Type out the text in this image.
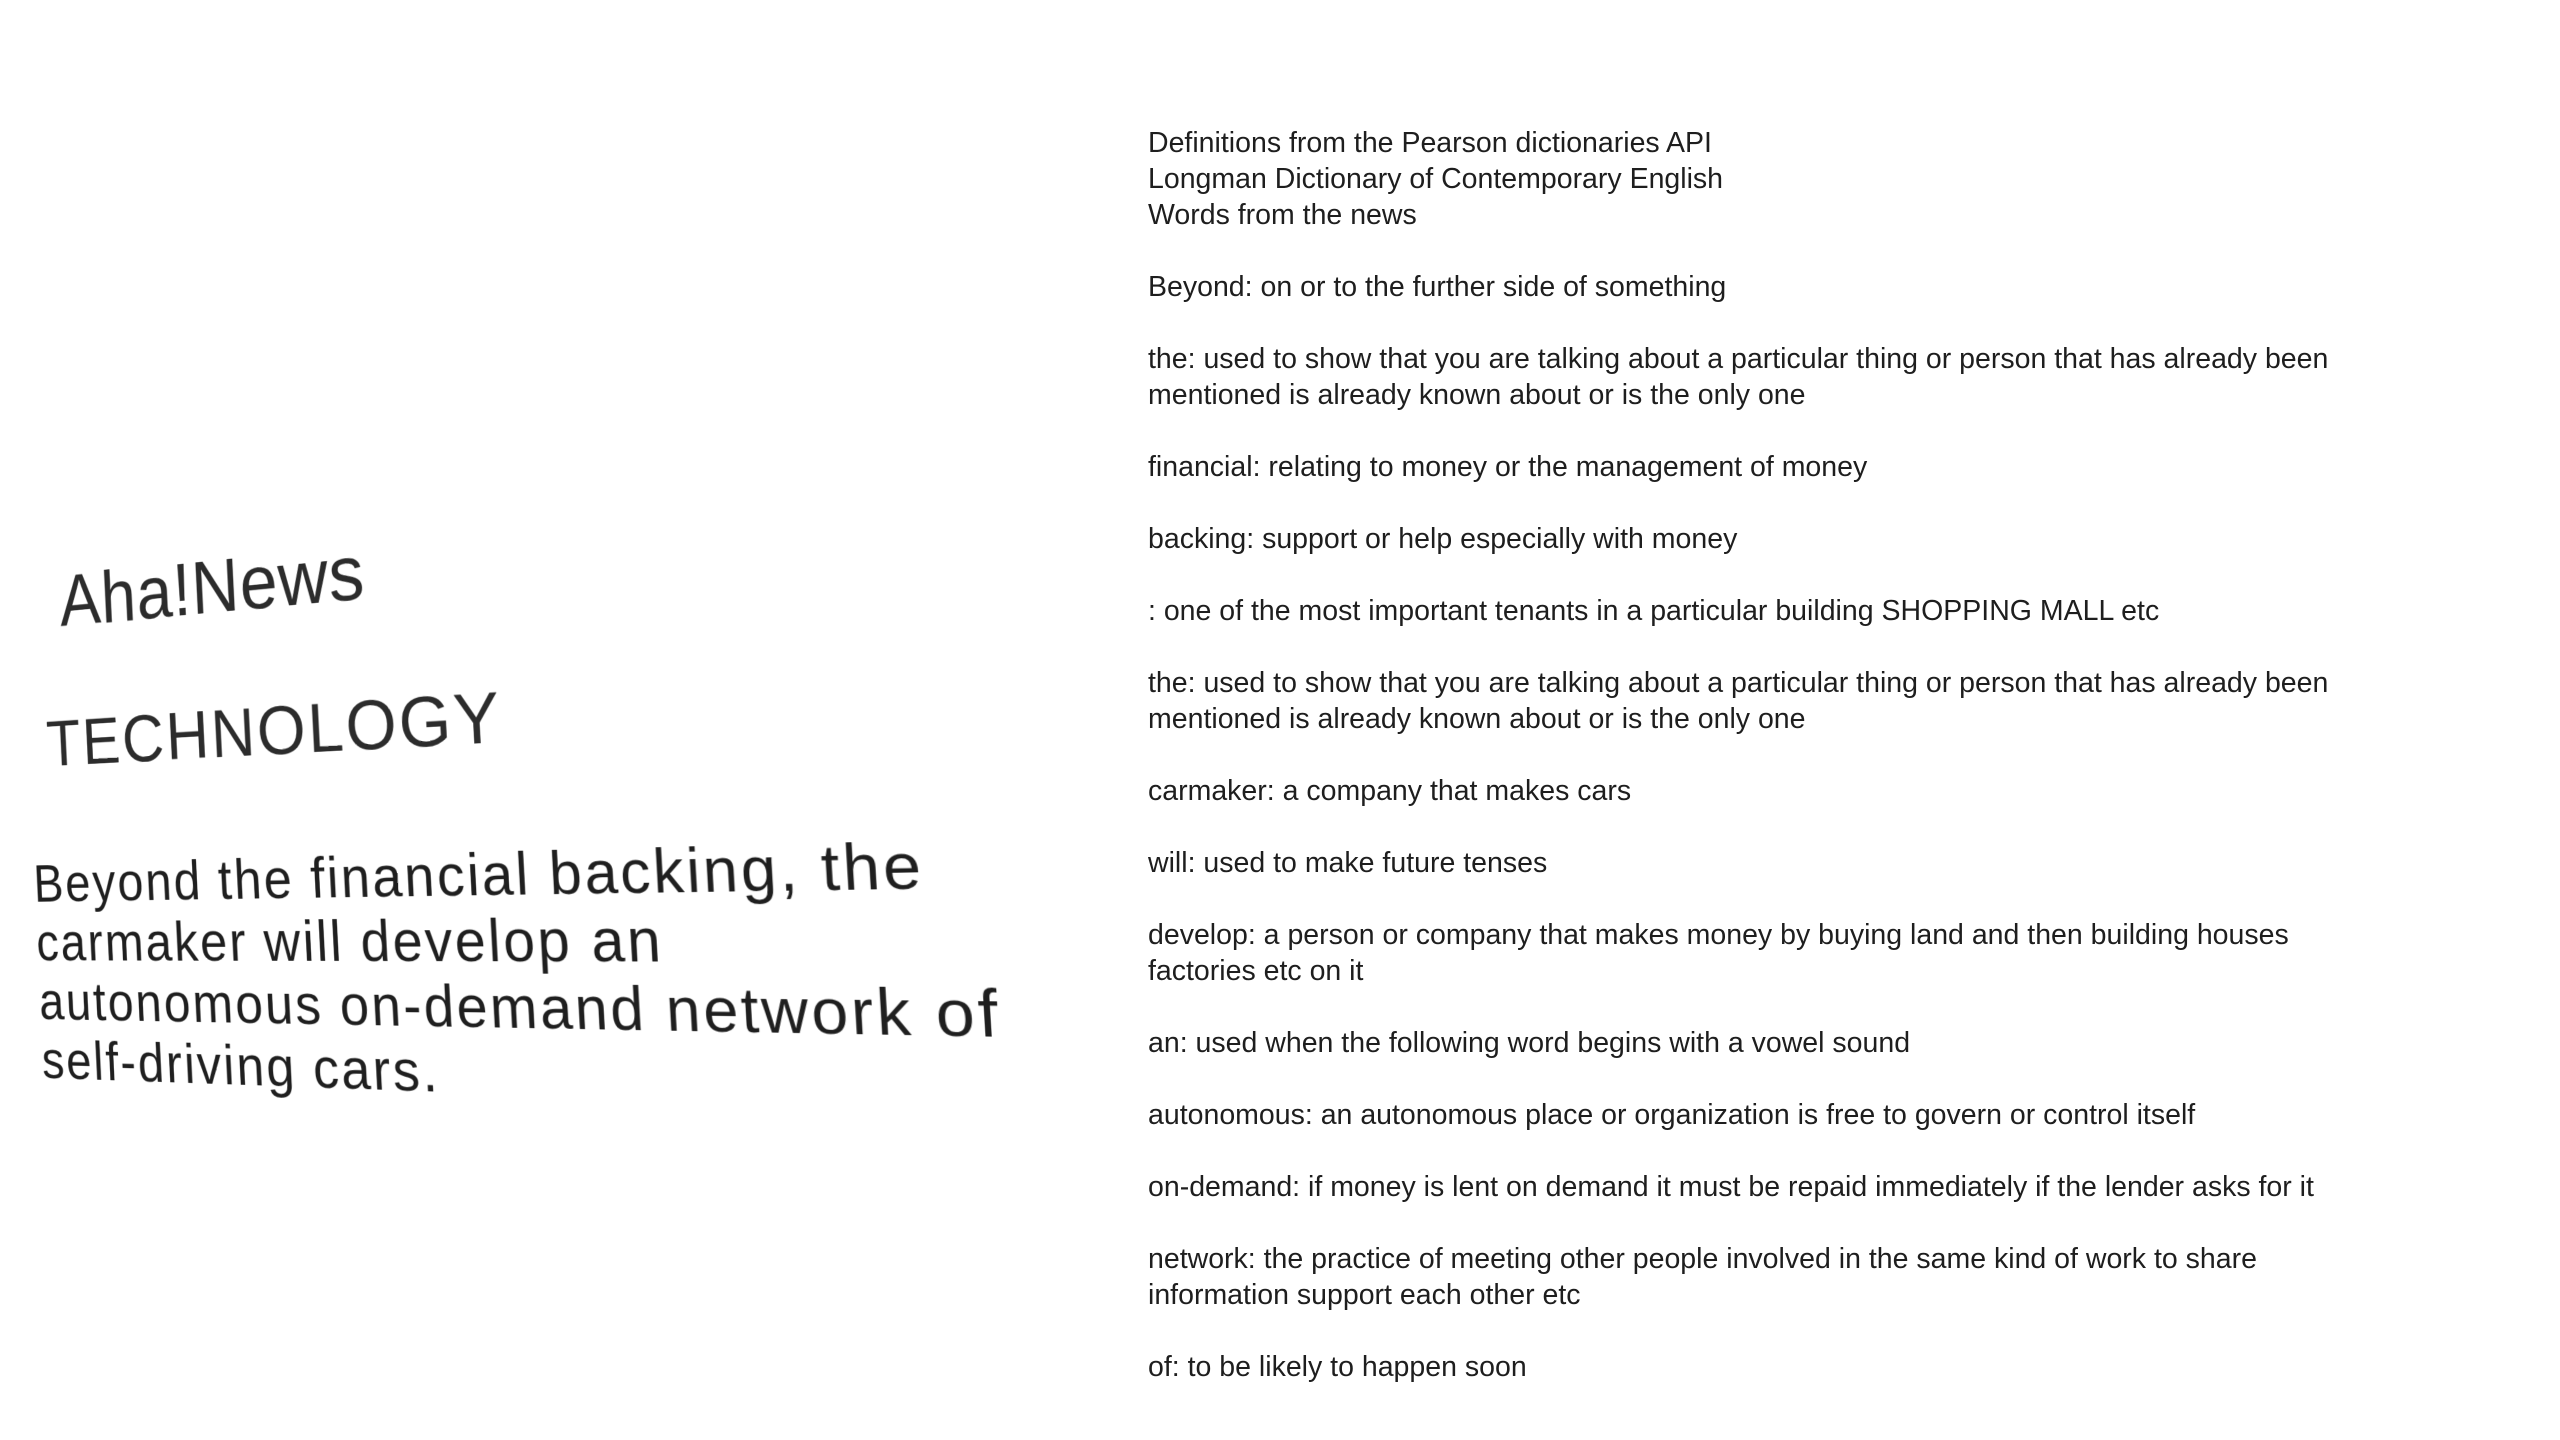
Aha!News
TECHNOLOGY
Beyond the financial backing, the carmaker will develop an
autonomous on-demand network of self-driving cars.
Definitions from the Pearson dictionaries API
Longman Dictionary of Contemporary English
Words from the news
Beyond: on or to the further side of something
the: used to show that you are talking about a particular thing or person that has already been mentioned is already known about or is the only one
financial: relating to money or the management of money
backing: support or help especially with money
: one of the most important tenants in a particular building SHOPPING MALL etc
the: used to show that you are talking about a particular thing or person that has already been mentioned is already known about or is the only one
carmaker: a company that makes cars
will: used to make future tenses
develop: a person or company that makes money by buying land and then building houses factories etc on it
an: used when the following word begins with a vowel sound
autonomous: an autonomous place or organization is free to govern or control itself
on-demand: if money is lent on demand it must be repaid immediately if the lender asks for it
network: the practice of meeting other people involved in the same kind of work to share information support each other etc
of: to be likely to happen soon
